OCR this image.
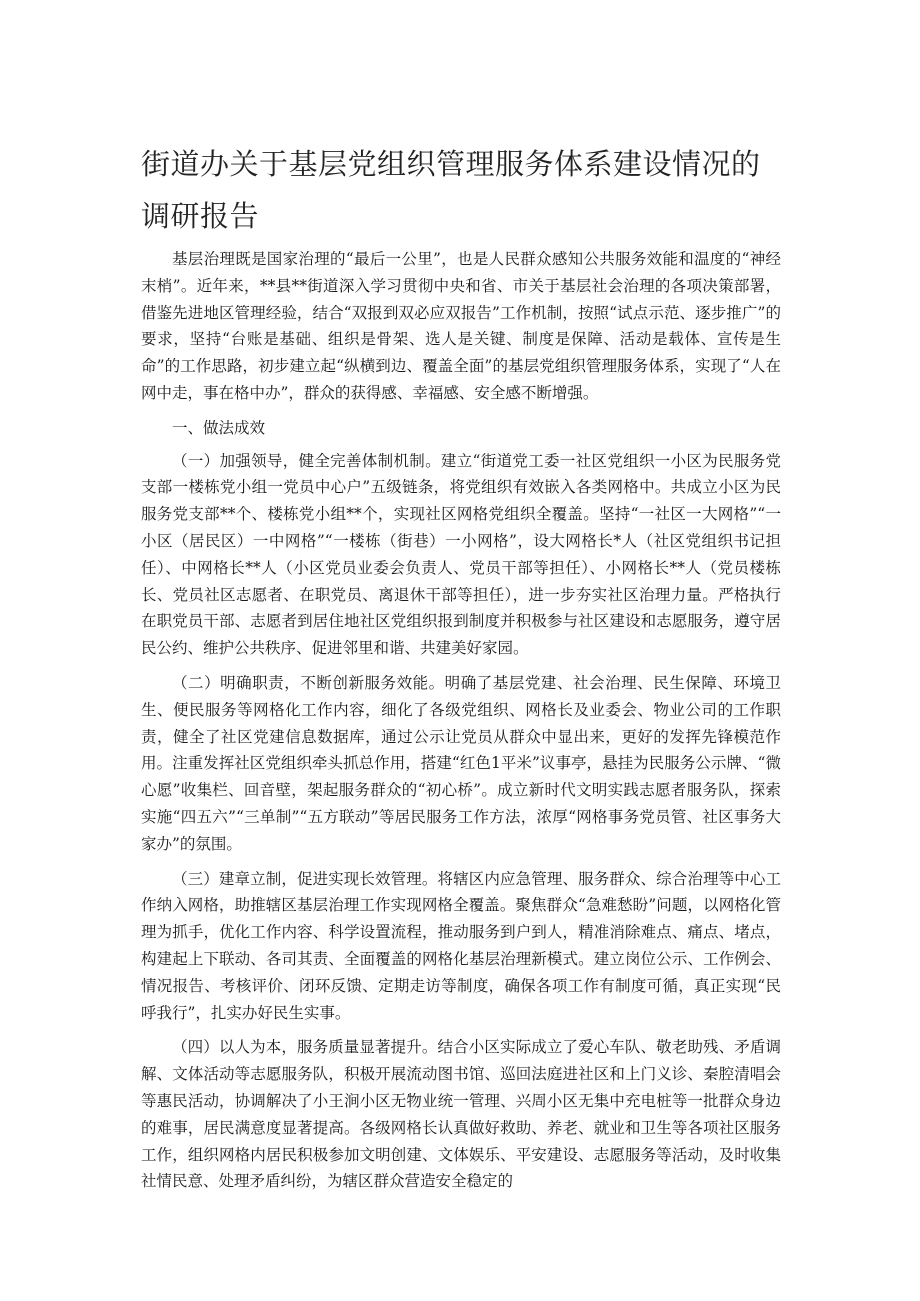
街道办关于基层党组织管理服务体系建设情况的调研报告

基层治理既是国家治理的“最后一公里”，也是人民群众感知公共服务效能和温度的“神经末梢”。近年来，**县**街道深入学习贯彻中央和省、市关于基层社会治理的各项决策部署，借鉴先进地区管理经验，结合“双报到双必应双报告”工作机制，按照“试点示范、逐步推广”的要求，坚持“台账是基础、组织是骨架、选人是关键、制度是保障、活动是载体、宣传是生命”的工作思路，初步建立起“纵横到边、覆盖全面”的基层党组织管理服务体系，实现了“人在网中走，事在格中办”，群众的获得感、幸福感、安全感不断增强。

一、做法成效

（一）加强领导，健全完善体制机制。建立“街道党工委一社区党组织一小区为民服务党支部一楼栋党小组一党员中心户”五级链条，将党组织有效嵌入各类网格中。共成立小区为民服务党支部**个、楼栋党小组**个，实现社区网格党组织全覆盖。坚持“一社区一大网格”“一小区（居民区）一中网格”“一楼栋（街巷）一小网格”，设大网格长*人（社区党组织书记担任）、中网格长**人（小区党员业委会负责人、党员干部等担任）、小网格长**人（党员楼栋长、党员社区志愿者、在职党员、离退休干部等担任），进一步夯实社区治理力量。严格执行在职党员干部、志愿者到居住地社区党组织报到制度并积极参与社区建设和志愿服务，遵守居民公约、维护公共秩序、促进邻里和谐、共建美好家园。

（二）明确职责，不断创新服务效能。明确了基层党建、社会治理、民生保障、环境卫生、便民服务等网格化工作内容，细化了各级党组织、网格长及业委会、物业公司的工作职责，健全了社区党建信息数据库，通过公示让党员从群众中显出来，更好的发挥先锋模范作用。注重发挥社区党组织牵头抓总作用，搭建“红色1平米”议事亭，悬挂为民服务公示牌、“微心愿”收集栏、回音壁，架起服务群众的“初心桥”。成立新时代文明实践志愿者服务队，探索实施“四五六”“三单制”“五方联动”等居民服务工作方法，浓厚“网格事务党员管、社区事务大家办”的氛围。

（三）建章立制，促进实现长效管理。将辖区内应急管理、服务群众、综合治理等中心工作纳入网格，助推辖区基层治理工作实现网格全覆盖。聚焦群众“急难愁盼”问题，以网格化管理为抓手，优化工作内容、科学设置流程，推动服务到户到人，精准消除难点、痛点、堵点，构建起上下联动、各司其责、全面覆盖的网格化基层治理新模式。建立岗位公示、工作例会、情况报告、考核评价、闭环反馈、定期走访等制度，确保各项工作有制度可循，真正实现“民呼我行”，扎实办好民生实事。

（四）以人为本，服务质量显著提升。结合小区实际成立了爱心车队、敬老助残、矛盾调解、文体活动等志愿服务队，积极开展流动图书馆、巡回法庭进社区和上门义诊、秦腔清唱会等惠民活动，协调解决了小王涧小区无物业统一管理、兴周小区无集中充电桩等一批群众身边的难事，居民满意度显著提高。各级网格长认真做好救助、养老、就业和卫生等各项社区服务工作，组织网格内居民积极参加文明创建、文体娱乐、平安建设、志愿服务等活动，及时收集社情民意、处理矛盾纠纷，为辖区群众营造安全稳定的
